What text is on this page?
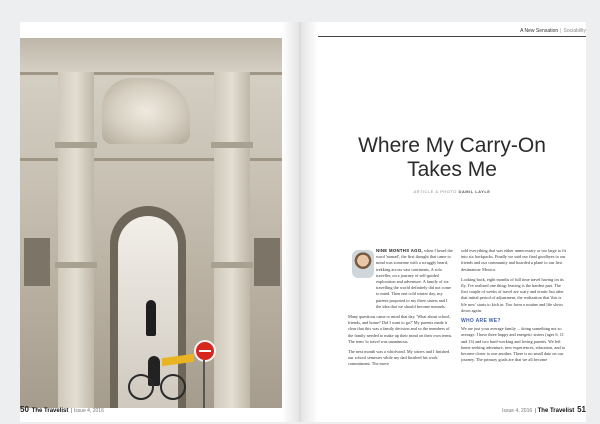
50 The Travelist  | Issue 4, 2016
A New Sensation | Sociability
Where My Carry-On
Takes Me
ARTICLE & PHOTO DAMIL LAYLE

NINE MONTHS AGO, when I heard the word 'nomad', the first thought that came to mind was someone with a scraggly beard, trekking across vast continents. A solo traveller, on a journey of self-guided exploration and adventure. A family of six travelling the world definitely did not come to mind. Then one cold winter day, my parents proposed to my three sisters and I the idea that we should become nomads.

Many questions came to mind that day. 'What about school, friends, and home? Did I want to go?' My parents made it clear that this was a family decision and so the members of the family needed to make up their mind on their own terms. The term 'to travel was unanimous.

The next month was a whirlwind. My sisters and I finished our school semester while my dad finished his work commitment. The move

sold everything that was either unnecessary or too large to fit into six backpacks. Finally we said our final goodbyes to our friends and our community and boarded a plane to our first destination: Mexico.

Looking back, eight months of full time travel having on its fly, I've realized one thing: leaving is the hardest part. The first couple of weeks of travel are scary and erratic but after that initial period of adjustment, the realization that 'this is life now' starts to kick in. You form a routine and life slows down again.

WHO ARE WE?

We are just your average family ... doing something not so average. I have three happy and energetic sisters (ages 6, 11 and 13) and two hard-working and loving parents. We left home seeking adventure, new experiences, education, and to become closer to one another. There is no small date on our journey. The primary goals are that we all become

Issue 4, 2016  | The Travelist 51
